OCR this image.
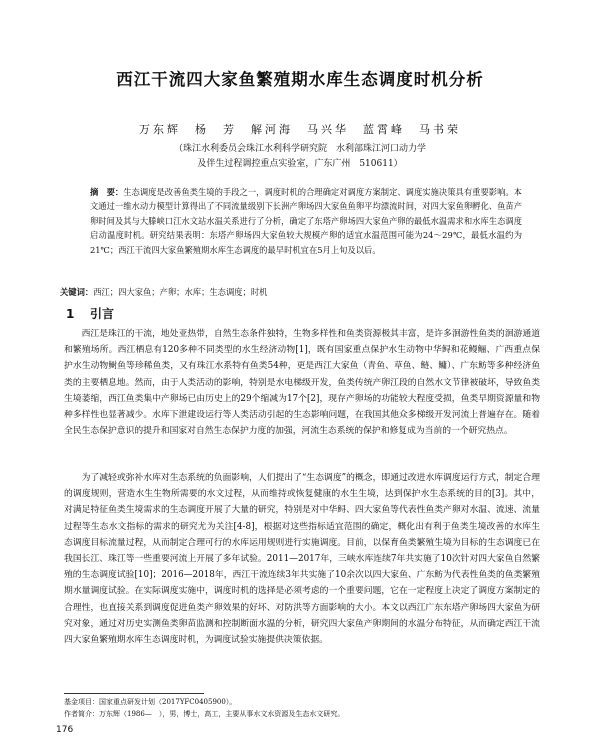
西江干流四大家鱼繁殖期水库生态调度时机分析
万东辉　杨　芳　解河海　马兴华　蓝霄峰　马书荣
（珠江水利委员会珠江水利科学研究院　水利部珠江河口动力学
及伴生过程调控重点实验室，广东广州　510611）
摘　要：生态调度是改善鱼类生境的手段之一，调度时机的合理确定对调度方案制定、调度实施决策具有重要影响。本文通过一维水动力模型计算得出了不同流量级别下长洲产卵场四大家鱼鱼卵平均漂流时间，对四大家鱼卵孵化、鱼苗产卵时间及其与大滕峡口江水文站水温关系进行了分析，确定了东塔产卵场四大家鱼产卵的最低水温需求和水库生态调度启动温度时机。研究结果表明：东塔产卵场四大家鱼较大规模产卵的适宜水温范围可能为24～29℃，最低水温约为21℃；西江干流四大家鱼繁殖期水库生态调度的最早时机宜在5月上旬及以后。
关键词：西江；四大家鱼；产卵；水库；生态调度；时机
1 引言

西江是珠江的干流，地处亚热带，自然生态条件独特，生物多样性和鱼类资源极其丰富，是许多洄游性鱼类的洄游通道和繁殖场所。西江栖息有120多种不同类型的水生经济动物[1]，既有国家重点保护水生动物中华鲟和花鳗鲡、广西重点保护水生动物鲥鱼等珍稀鱼类，又有珠江水系特有鱼类54种，更是西江大家鱼（青鱼、草鱼、鲢、鳙）、广东鲂等多种经济鱼类的主要栖息地。然而，由于人类活动的影响，特别是水电梯级开发，鱼类传统产卵江段的自然水文节律被破坏，导致鱼类生境萎缩，西江鱼类集中产卵场已由历史上的29个缩减为17个[2]，现存产卵场的功能较大程度受损，鱼类早期资源量和物种多样性也显著减少。水库下泄建设运行等人类活动引起的生态影响问题，在我国其他众多梯级开发河流上普遍存在。随着全民生态保护意识的提升和国家对自然生态保护力度的加强，河流生态系统的保护和修复成为当前的一个研究热点。

为了减轻或弥补水库对生态系统的负面影响，人们提出了“生态调度”的概念，即通过改进水库调度运行方式，制定合理的调度规则，营造水生生物所需要的水文过程，从而维持或恢复健康的水生生境，达到保护水生态系统的目的[3]。其中，对满足特征鱼类生境需求的生态调度开展了大量的研究，特别是对中华鲟、四大家鱼等代表性鱼类产卵对水温、流速、流量过程等生态水文指标的需求的研究尤为关注[4-8]，根据对这些指标适宜范围的确定，概化出有利于鱼类生境改善的水库生态调度目标流量过程，从而制定合理可行的水库运用规则进行实施调度。目前，以保育鱼类繁殖生境为目标的生态调度已在我国长江、珠江等一些重要河流上开展了多年试验。2011—2017年，三峡水库连续7年共实施了10次针对四大家鱼自然繁殖的生态调度试验[10]；2016—2018年，西江干流连续3年共实施了10余次以四大家鱼、广东鲂为代表性鱼类的鱼类繁殖期水量调度试验。在实际调度实施中，调度时机的选择是必须考虑的一个重要问题，它在一定程度上决定了调度方案制定的合理性，也直接关系到调度促进鱼类产卵效果的好坏、对防洪等方面影响的大小。本文以西江广东东塔产卵场四大家鱼为研究对象，通过对历史实测鱼类卵苗监测和控制断面水温的分析，研究四大家鱼产卵期间的水温分布特征，从而确定西江干流四大家鱼繁殖期水库生态调度时机，为调度试验实施提供决策依据。

基金项目：国家重点研发计划（2017YFC0405900）。
作者简介：万东辉（1986—　），男，博士，高工，主要从事水文水资源及生态水文研究。
176
